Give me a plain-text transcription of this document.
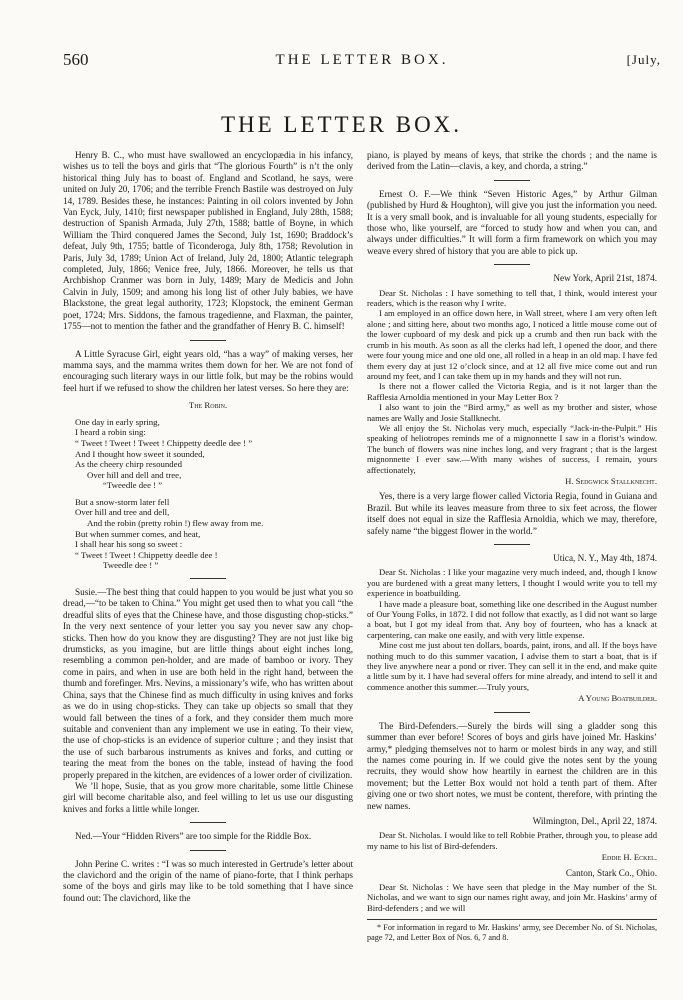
560	THE LETTER BOX.	[July,
THE LETTER BOX.

Henry B. C., who must have swallowed an encyclopædia in his infancy, wishes us to tell the boys and girls that “The glorious Fourth” is n’t the only historical thing July has to boast of. England and Scotland, he says, were united on July 20, 1706; and the terrible French Bastile was destroyed on July 14, 1789. Besides these, he instances: Painting in oil colors invented by John Van Eyck, July, 1410; first newspaper published in England, July 28th, 1588; destruction of Spanish Armada, July 27th, 1588; battle of Boyne, in which William the Third conquered James the Second, July 1st, 1690; Braddock’s defeat, July 9th, 1755; battle of Ticonderoga, July 8th, 1758; Revolution in Paris, July 3d, 1789; Union Act of Ireland, July 2d, 1800; Atlantic telegraph completed, July, 1866; Venice free, July, 1866. Moreover, he tells us that Archbishop Cranmer was born in July, 1489; Mary de Medicis and John Calvin in July, 1509; and among his long list of other July babies, we have Blackstone, the great legal authority, 1723; Klopstock, the eminent German poet, 1724; Mrs. Siddons, the famous tragedienne, and Flaxman, the painter, 1755—not to mention the father and the grandfather of Henry B. C. himself!

A Little Syracuse Girl, eight years old, “has a way” of making verses, her mamma says, and the mamma writes them down for her. We are not fond of encouraging such literary ways in our little folk, but may be the robins would feel hurt if we refused to show the children her latest verses. So here they are:

The Robin.
One day in early spring,
I heard a robin sing:
“ Tweet ! Tweet ! Tweet ! Chippetty deedle dee ! ”
And I thought how sweet it sounded,
As the cheery chirp resounded
Over hill and dell and tree,
“Tweedle dee ! ”
But a snow-storm later fell
Over hill and tree and dell,
And the robin (pretty robin !) flew away from me.
But when summer comes, and heat,
I shall hear his song so sweet :
“ Tweet ! Tweet ! Chippetty deedle dee !
Tweedle dee ! ”

Susie.—The best thing that could happen to you would be just what you so dread,—“to be taken to China.” You might get used then to what you call “the dreadful slits of eyes that the Chinese have, and those disgusting chop-sticks.” In the very next sentence of your letter you say you never saw any chop-sticks. Then how do you know they are disgusting? They are not just like big drumsticks, as you imagine, but are little things about eight inches long, resembling a common pen-holder, and are made of bamboo or ivory. They come in pairs, and when in use are both held in the right hand, between the thumb and forefinger. Mrs. Nevins, a missionary’s wife, who has written about China, says that the Chinese find as much difficulty in using knives and forks as we do in using chop-sticks. They can take up objects so small that they would fall between the tines of a fork, and they consider them much more suitable and convenient than any implement we use in eating. To their view, the use of chop-sticks is an evidence of superior culture ; and they insist that the use of such barbarous instruments as knives and forks, and cutting or tearing the meat from the bones on the table, instead of having the food properly prepared in the kitchen, are evidences of a lower order of civilization.

We ’ll hope, Susie, that as you grow more charitable, some little Chinese girl will become charitable also, and feel willing to let us use our disgusting knives and forks a little while longer.

Ned.—Your “Hidden Rivers” are too simple for the Riddle Box.

John Perine C. writes : “I was so much interested in Gertrude’s letter about the clavichord and the origin of the name of piano-forte, that I think perhaps some of the boys and girls may like to be told something that I have since found out: The clavichord, like the

piano, is played by means of keys, that strike the chords ; and the name is derived from the Latin—clavis, a key, and chorda, a string.”

Ernest O. F.—We think “Seven Historic Ages,” by Arthur Gilman (published by Hurd & Houghton), will give you just the information you need. It is a very small book, and is invaluable for all young students, especially for those who, like yourself, are “forced to study how and when you can, and always under difficulties.” It will form a firm framework on which you may weave every shred of history that you are able to pick up.

New York, April 21st, 1874.

Dear St. Nicholas : I have something to tell that, I think, would interest your readers, which is the reason why I write.

I am employed in an office down here, in Wall street, where I am very often left alone ; and sitting here, about two months ago, I noticed a little mouse come out of the lower cupboard of my desk and pick up a crumb and then run back with the crumb in his mouth. As soon as all the clerks had left, I opened the door, and there were four young mice and one old one, all rolled in a heap in an old map. I have fed them every day at just 12 o’clock since, and at 12 all five mice come out and run around my feet, and I can take them up in my hands and they will not run.

Is there not a flower called the Victoria Regia, and is it not larger than the Rafflesia Arnoldia mentioned in your May Letter Box ?

I also want to join the “Bird army,” as well as my brother and sister, whose names are Wally and Josie Stallknecht.

We all enjoy the St. Nicholas very much, especially “Jack-in-the-Pulpit.” His speaking of heliotropes reminds me of a mignonnette I saw in a florist’s window. The bunch of flowers was nine inches long, and very fragrant ; that is the largest mignonnette I ever saw.—With many wishes of success, I remain, yours affectionately,

H. Sedgwick Stallknecht.

Yes, there is a very large flower called Victoria Regia, found in Guiana and Brazil. But while its leaves measure from three to six feet across, the flower itself does not equal in size the Rafflesia Arnoldia, which we may, therefore, safely name “the biggest flower in the world.”

Utica, N. Y., May 4th, 1874.

Dear St. Nicholas : I like your magazine very much indeed, and, though I know you are burdened with a great many letters, I thought I would write you to tell my experience in boatbuilding.

I have made a pleasure boat, something like one described in the August number of Our Young Folks, in 1872. I did not follow that exactly, as I did not want so large a boat, but I got my ideal from that. Any boy of fourteen, who has a knack at carpentering, can make one easily, and with very little expense.

Mine cost me just about ten dollars, boards, paint, irons, and all. If the boys have nothing much to do this summer vacation, I advise them to start a boat, that is if they live anywhere near a pond or river. They can sell it in the end, and make quite a little sum by it. I have had several offers for mine already, and intend to sell it and commence another this summer.—Truly yours,

A Young Boatbuilder.

The Bird-Defenders.—Surely the birds will sing a gladder song this summer than ever before! Scores of boys and girls have joined Mr. Haskins’ army,* pledging themselves not to harm or molest birds in any way, and still the names come pouring in. If we could give the notes sent by the young recruits, they would show how heartily in earnest the children are in this movement; but the Letter Box would not hold a tenth part of them. After giving one or two short notes, we must be content, therefore, with printing the new names.

Wilmington, Del., April 22, 1874.

Dear St. Nicholas. I would like to tell Robbie Prather, through you, to please add my name to his list of Bird-defenders.

Eddie H. Eckel.
Canton, Stark Co., Ohio.

Dear St. Nicholas : We have seen that pledge in the May number of the St. Nicholas, and we want to sign our names right away, and join Mr. Haskins’ army of Bird-defenders ; and we will

* For information in regard to Mr. Haskins’ army, see December No. of St. Nicholas, page 72, and Letter Box of Nos. 6, 7 and 8.
